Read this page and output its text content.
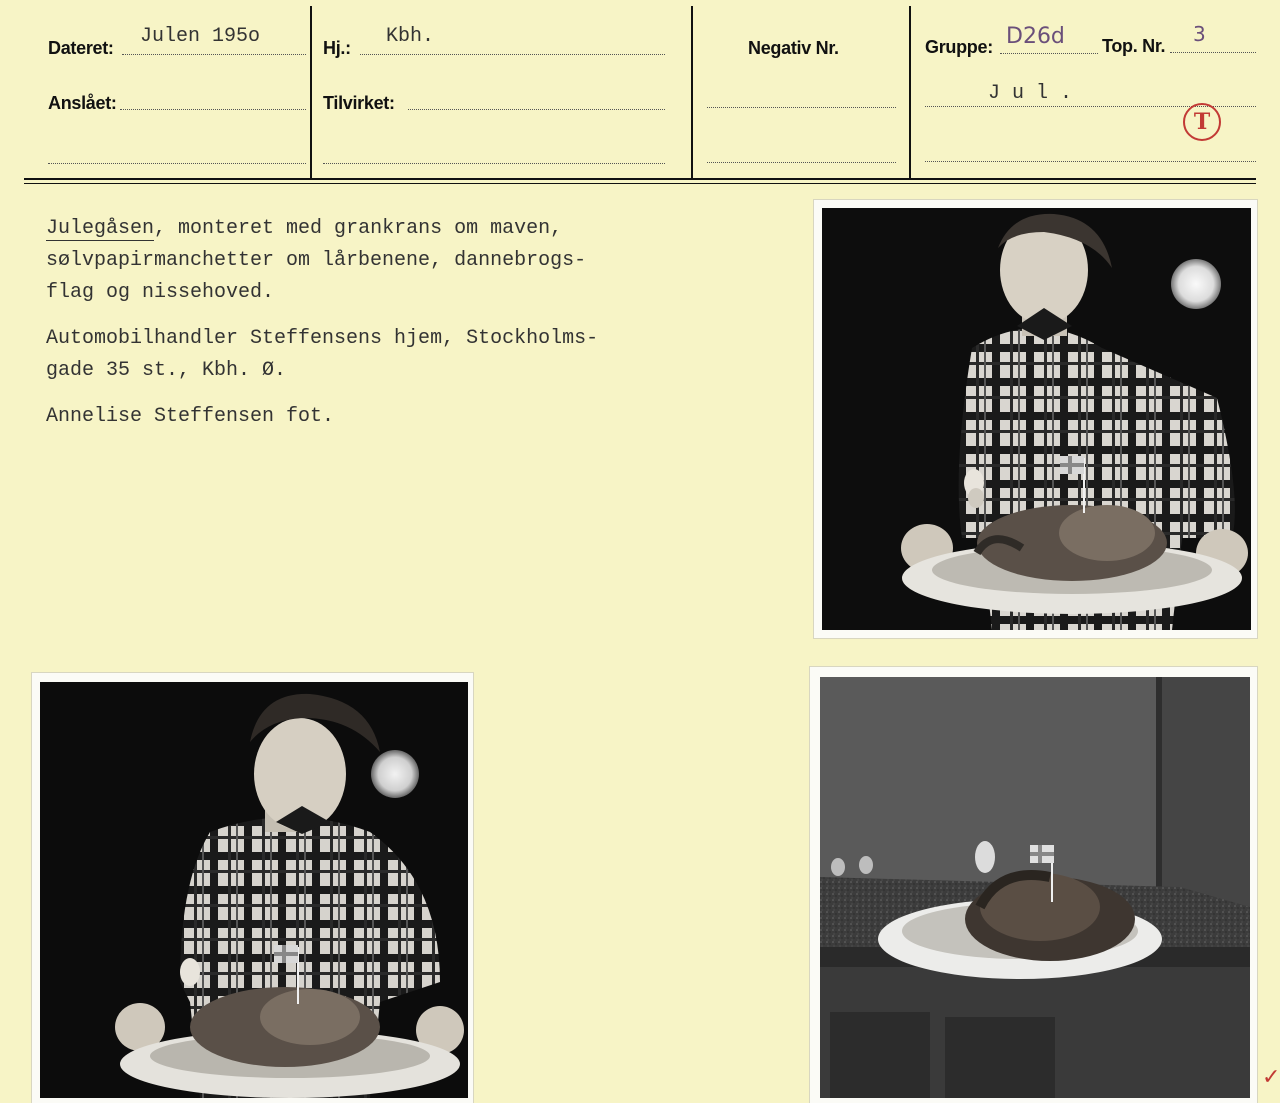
Dateret: Julen 195o
Anslået:
Hj.: Kbh.
Tilvirket:
Negativ Nr.	Gruppe: D26d Top. Nr. 3
J u l .
T

Julegåsen, monteret med grankrans om maven,
sølvpapirmanchetter om lårbenene, dannebrogs-
flag og nissehoved.

Automobilhandler Steffensens hjem, Stockholms-
gade 35 st., Kbh. Ø.

Annelise Steffensen fot.

✓
